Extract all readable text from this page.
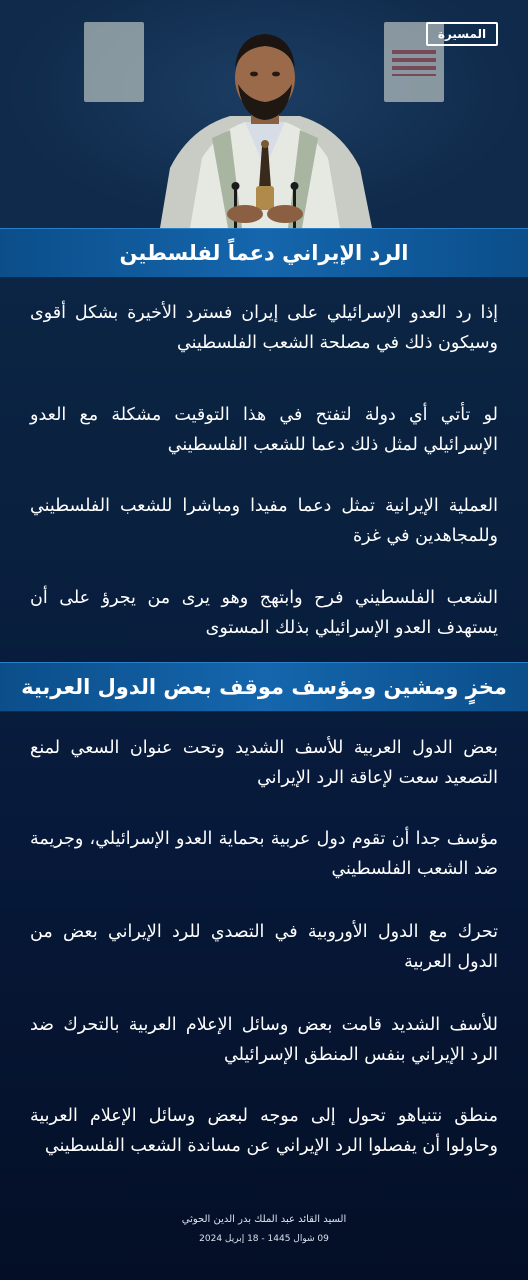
المسيرة
الرد الإيراني دعماً لفلسطين

إذا رد العدو الإسرائيلي على إيران فسترد الأخيرة بشكل أقوى وسيكون ذلك في مصلحة الشعب الفلسطيني

لو تأتي أي دولة لتفتح في هذا التوقيت مشكلة مع العدو الإسرائيلي لمثل ذلك دعما للشعب الفلسطيني

العملية الإيرانية تمثل دعما مفيدا ومباشرا للشعب الفلسطيني وللمجاهدين في غزة

الشعب الفلسطيني فرح وابتهج وهو يرى من يجرؤ على أن يستهدف العدو الإسرائيلي بذلك المستوى

مخزٍ ومشين ومؤسف موقف بعض الدول العربية

بعض الدول العربية للأسف الشديد وتحت عنوان السعي لمنع التصعيد سعت لإعاقة الرد الإيراني

مؤسف جدا أن تقوم دول عربية بحماية العدو الإسرائيلي، وجريمة ضد الشعب الفلسطيني

تحرك مع الدول الأوروبية في التصدي للرد الإيراني بعض من الدول العربية

للأسف الشديد قامت بعض وسائل الإعلام العربية بالتحرك ضد الرد الإيراني بنفس المنطق الإسرائيلي

منطق نتنياهو تحول إلى موجه لبعض وسائل الإعلام العربية وحاولوا أن يفصلوا الرد الإيراني عن مساندة الشعب الفلسطيني

السيد القائد عبد الملك بدر الدين الحوثي
09 شوال 1445 - 18 إبريل 2024
